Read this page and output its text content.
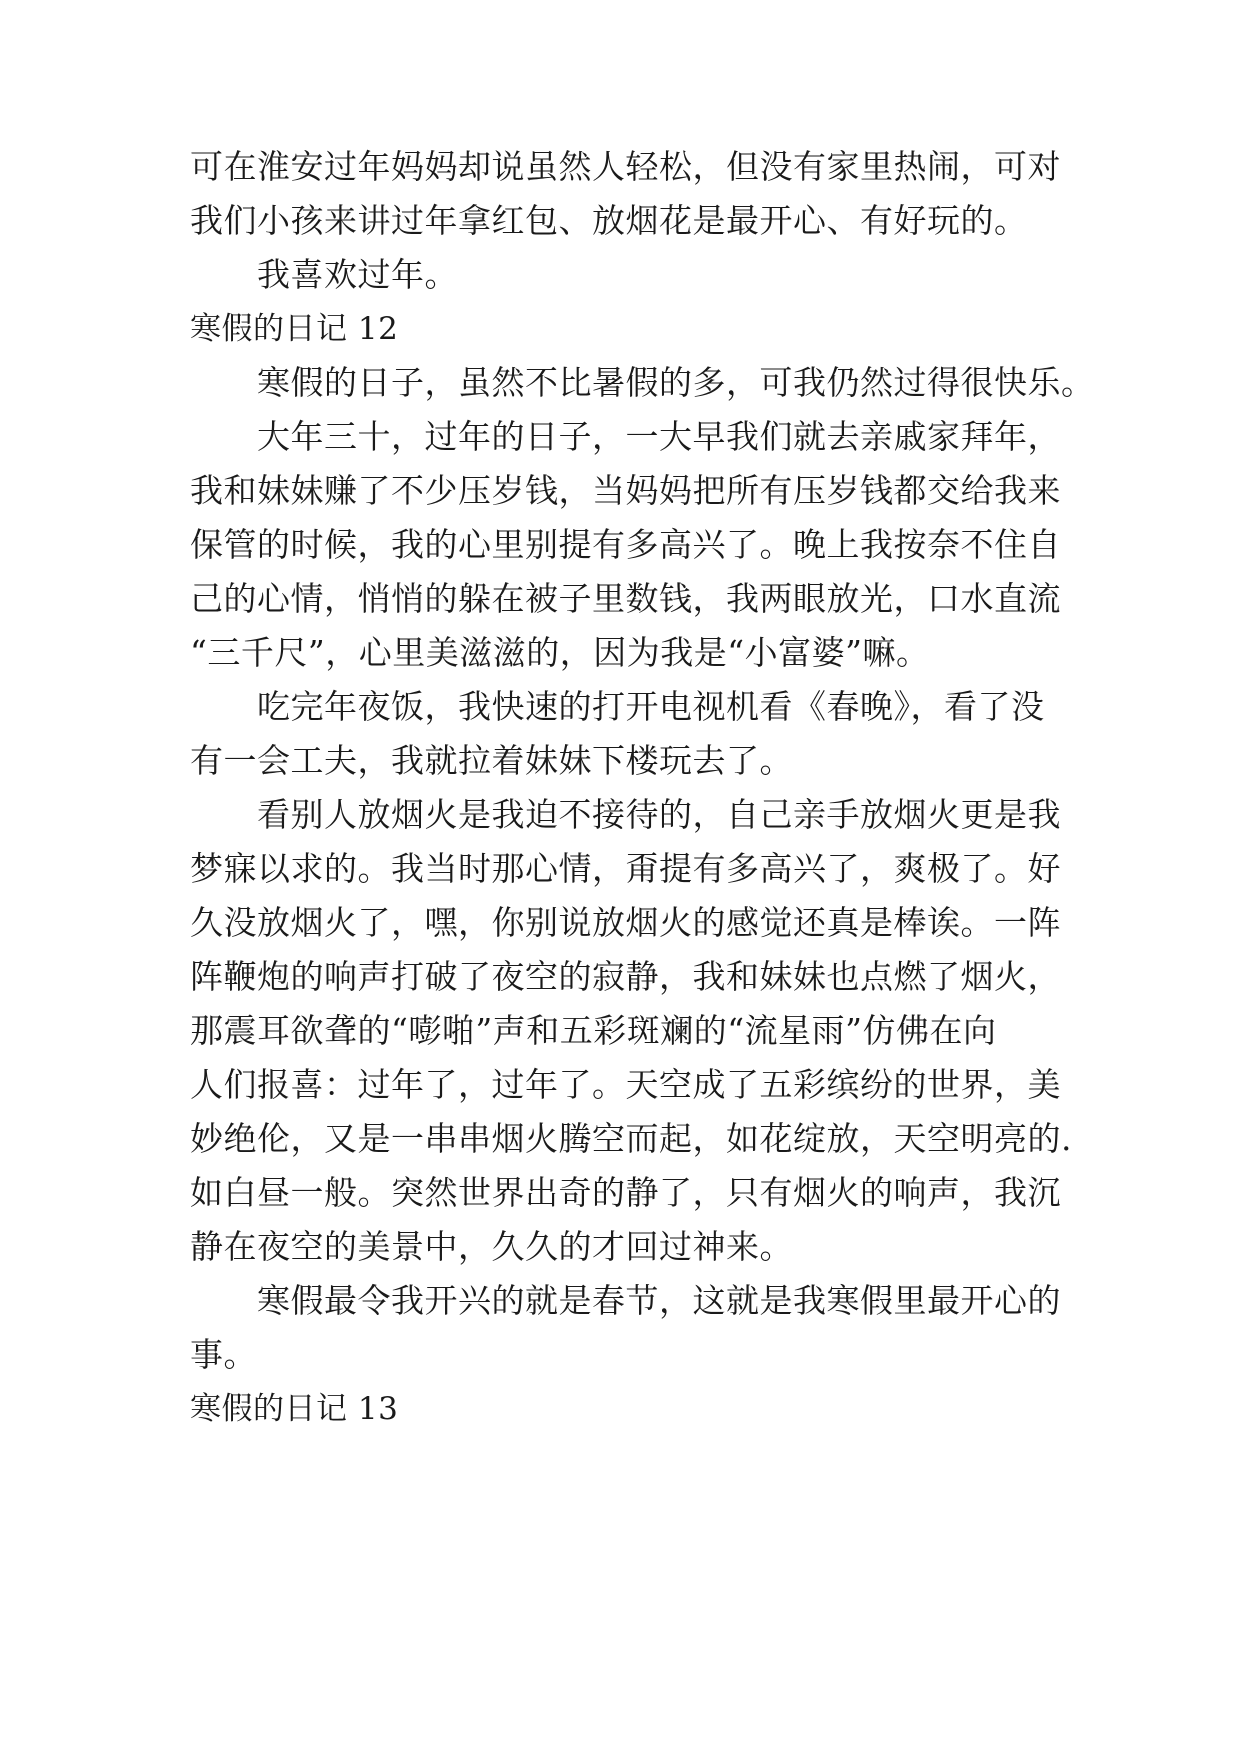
可在淮安过年妈妈却说虽然人轻松，但没有家里热闹，可对
我们小孩来讲过年拿红包、放烟花是最开心、有好玩的。
　　我喜欢过年。
寒假的日记 12
　　寒假的日子，虽然不比暑假的多，可我仍然过得很快乐。
　　大年三十，过年的日子，一大早我们就去亲戚家拜年，
我和妹妹赚了不少压岁钱，当妈妈把所有压岁钱都交给我来
保管的时候，我的心里别提有多高兴了。晚上我按奈不住自
己的心情，悄悄的躲在被子里数钱，我两眼放光，口水直流
“三千尺”，心里美滋滋的，因为我是“小富婆”嘛。
　　吃完年夜饭，我快速的打开电视机看《春晚》，看了没
有一会工夫，我就拉着妹妹下楼玩去了。
　　看别人放烟火是我迫不接待的，自己亲手放烟火更是我
梦寐以求的。我当时那心情，甭提有多高兴了，爽极了。好
久没放烟火了，嘿，你别说放烟火的感觉还真是棒诶。一阵
阵鞭炮的响声打破了夜空的寂静，我和妹妹也点燃了烟火，
那震耳欲聋的“嘭啪”声和五彩斑斓的“流星雨”仿佛在向
人们报喜：过年了，过年了。天空成了五彩缤纷的世界，美
妙绝伦，又是一串串烟火腾空而起，如花绽放，天空明亮的.
如白昼一般。突然世界出奇的静了，只有烟火的响声，我沉
静在夜空的美景中，久久的才回过神来。
　　寒假最令我开兴的就是春节，这就是我寒假里最开心的
事。
寒假的日记 13
